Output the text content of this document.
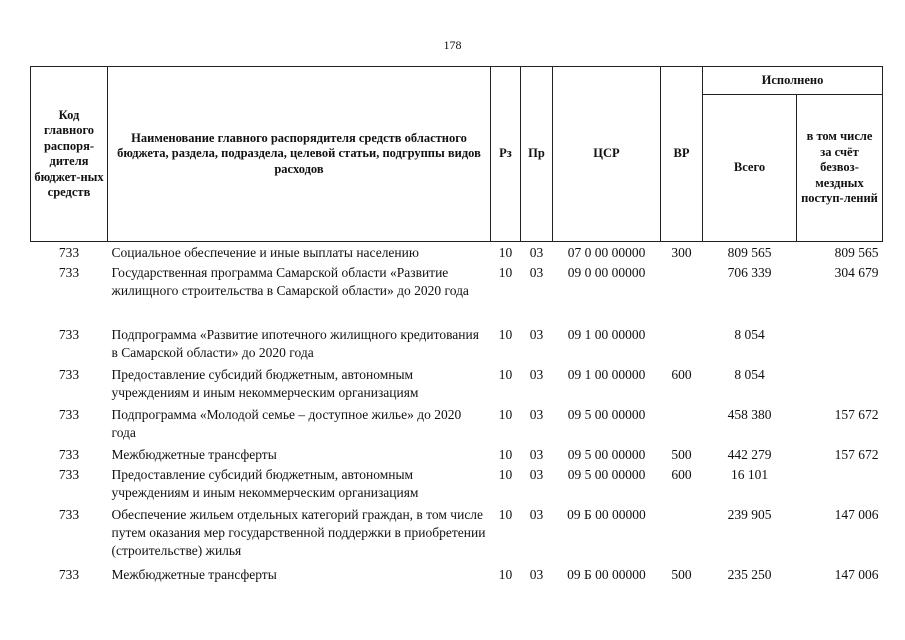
178
Код главного распоря-дителя бюджет-ных средств	Наименование главного распорядителя средств областного бюджета, раздела, подраздела, целевой статьи, подгруппы видов расходов	Рз	Пр	ЦСР	ВР	Исполнено	
						Всего	в том числе за счёт безвоз-мездных поступ-лений
733	Социальное обеспечение и иные выплаты населению	10	03	07 0 00 00000	300	809 565	809 565
733	Государственная программа Самарской области «Развитие жилищного строительства в Самарской области» до 2020 года	10	03	09 0 00 00000		706 339	304 679
733	Подпрограмма «Развитие ипотечного жилищного кредитования в Самарской области» до 2020 года	10	03	09 1 00 00000		8 054	
733	Предоставление субсидий бюджетным, автономным учреждениям и иным некоммерческим организациям	10	03	09 1 00 00000	600	8 054	
733	Подпрограмма «Молодой семье – доступное жилье» до 2020 года	10	03	09 5 00 00000		458 380	157 672
733	Межбюджетные трансферты	10	03	09 5 00 00000	500	442 279	157 672
733	Предоставление субсидий бюджетным, автономным учреждениям и иным некоммерческим организациям	10	03	09 5 00 00000	600	16 101	
733	Обеспечение жильем отдельных категорий граждан, в том числе путем оказания мер государственной поддержки в приобретении (строительстве) жилья	10	03	09 Б 00 00000		239 905	147 006
733	Межбюджетные трансферты	10	03	09 Б 00 00000	500	235 250	147 006
